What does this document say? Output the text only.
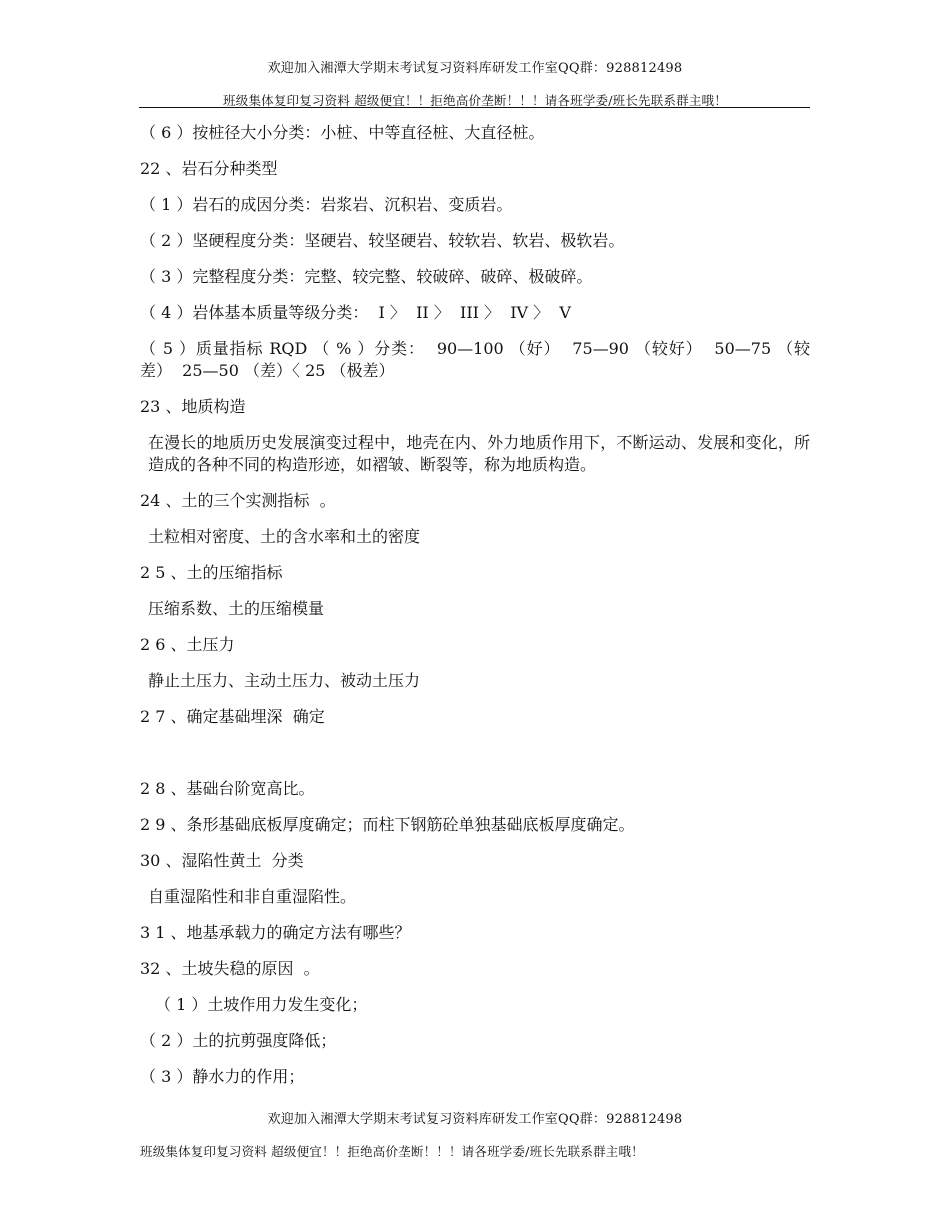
欢迎加入湘潭大学期末考试复习资料库研发工作室QQ群：928812498
班级集体复印复习资料 超级便宜！！拒绝高价垄断！！！请各班学委/班长先联系群主哦！

（ 6 ）按桩径大小分类：小桩、中等直径桩、大直径桩。

22 、岩石分种类型

（ 1 ）岩石的成因分类：岩浆岩、沉积岩、变质岩。

（ 2 ）坚硬程度分类：坚硬岩、较坚硬岩、较软岩、软岩、极软岩。

（ 3 ）完整程度分类：完整、较完整、较破碎、破碎、极破碎。

（ 4 ）岩体基本质量等级分类：  I 〉  II 〉  III 〉  IV 〉  V

（ 5 ）质量指标 RQD （ % ）分类：  90—100 （好）  75—90 （较好）  50—75 （较差）  25—50 （差）〈 25 （极差）

23 、地质构造

在漫长的地质历史发展演变过程中，地壳在内、外力地质作用下，不断运动、发展和变化，所造成的各种不同的构造形迹，如褶皱、断裂等，称为地质构造。

24 、土的三个实测指标  。

土粒相对密度、土的含水率和土的密度

2 5 、土的压缩指标

压缩系数、土的压缩模量

2 6 、土压力

静止土压力、主动土压力、被动土压力

2 7 、确定基础埋深  确定

2 8 、基础台阶宽高比。

2 9 、条形基础底板厚度确定；而柱下钢筋砼单独基础底板厚度确定。

30 、湿陷性黄土  分类

自重湿陷性和非自重湿陷性。

3 1 、地基承载力的确定方法有哪些？

32 、土坡失稳的原因  。

（ 1 ）土坡作用力发生变化；

（ 2 ）土的抗剪强度降低；

（ 3 ）静水力的作用；

欢迎加入湘潭大学期末考试复习资料库研发工作室QQ群：928812498
班级集体复印复习资料 超级便宜！！拒绝高价垄断！！！请各班学委/班长先联系群主哦！
